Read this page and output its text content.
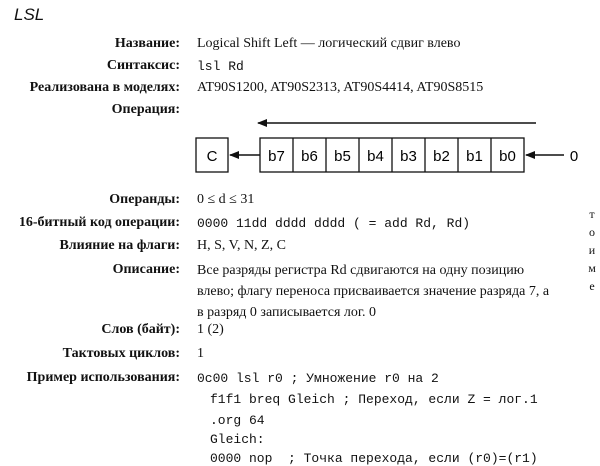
LSL
Название: Logical Shift Left — логический сдвиг влево
Синтаксис: lsl Rd
Реализована в моделях: AT90S1200, AT90S2313, AT90S4414, AT90S8515
Операция:
C	b7 b6 b5 b4 b3 b2 b1 b0	0
Операнды: 0 ≤ d ≤ 31
16-битный код операции: 0000 11dd dddd dddd ( = add Rd, Rd)
Влияние на флаги: H, S, V, N, Z, C
Описание: Все разряды регистра Rd сдвигаются на одну позицию
влево; флагу переноса присваивается значение разряда 7, а
в разряд 0 записывается лог. 0
Слов (байт): 1 (2)
Тактовых циклов: 1
Пример использования: 0c00 lsl r0 ; Умножение r0 на 2
f1f1 breq Gleich ; Переход, если Z = лог.1
.org 64
Gleich:
0000 nop  ; Точка перехода, если (r0)=(r1)
т
о
и
м
е
